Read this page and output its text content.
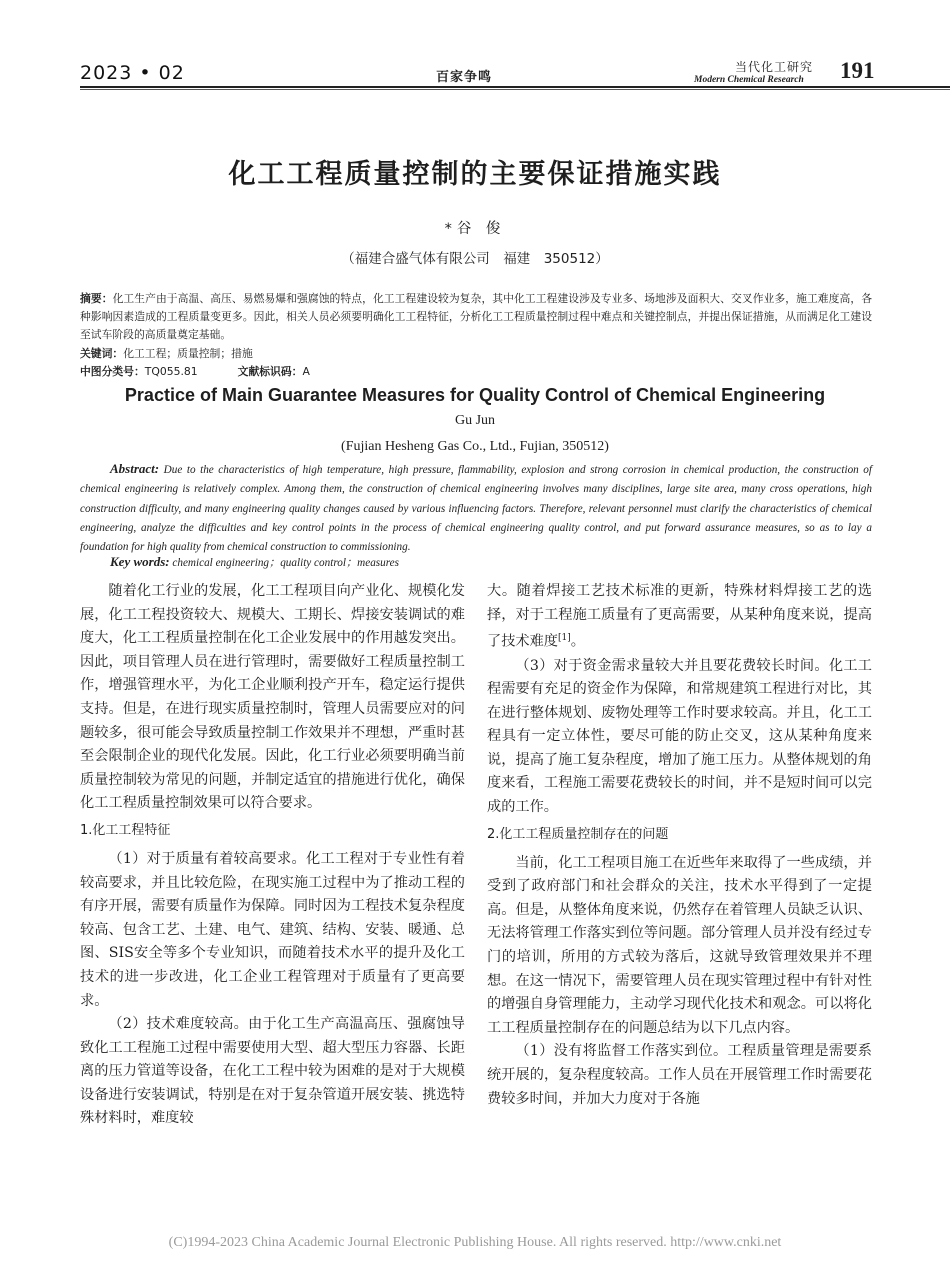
2023 • 02	百家争鸣
当代化工研究
Modern Chemical Research 191
化工工程质量控制的主要保证措施实践
*谷 俊
（福建合盛气体有限公司　福建　350512）
摘要：化工生产由于高温、高压、易燃易爆和强腐蚀的特点，化工工程建设较为复杂，其中化工工程建设涉及专业多、场地涉及面积大、交叉作业多，施工难度高，各种影响因素造成的工程质量变更多。因此，相关人员必须要明确化工工程特征，分析化工工程质量控制过程中难点和关键控制点，并提出保证措施，从而满足化工建设至试车阶段的高质量奠定基础。
关键词：化工工程；质量控制；措施
中图分类号：TQ055.81	文献标识码：A
Practice of Main Guarantee Measures for Quality Control of Chemical Engineering
Gu Jun
(Fujian Hesheng Gas Co., Ltd., Fujian, 350512)
Abstract: Due to the characteristics of high temperature, high pressure, flammability, explosion and strong corrosion in chemical production, the construction of chemical engineering is relatively complex. Among them, the construction of chemical engineering involves many disciplines, large site area, many cross operations, high construction difficulty, and many engineering quality changes caused by various influencing factors. Therefore, relevant personnel must clarify the characteristics of chemical engineering, analyze the difficulties and key control points in the process of chemical engineering quality control, and put forward assurance measures, so as to lay a foundation for high quality from chemical construction to commissioning.
Key words: chemical engineering；quality control；measures

随着化工行业的发展，化工工程项目向产业化、规模化发展，化工工程投资较大、规模大、工期长、焊接安装调试的难度大，化工工程质量控制在化工企业发展中的作用越发突出。因此，项目管理人员在进行管理时，需要做好工程质量控制工作，增强管理水平，为化工企业顺利投产开车，稳定运行提供支持。但是，在进行现实质量控制时，管理人员需要应对的问题较多，很可能会导致质量控制工作效果并不理想，严重时甚至会限制企业的现代化发展。因此，化工行业必须要明确当前质量控制较为常见的问题，并制定适宜的措施进行优化，确保化工工程质量控制效果可以符合要求。

1.化工工程特征

（1）对于质量有着较高要求。化工工程对于专业性有着较高要求，并且比较危险，在现实施工过程中为了推动工程的有序开展，需要有质量作为保障。同时因为工程技术复杂程度较高、包含工艺、土建、电气、建筑、结构、安装、暖通、总图、SIS安全等多个专业知识，而随着技术水平的提升及化工技术的进一步改进，化工企业工程管理对于质量有了更高要求。

（2）技术难度较高。由于化工生产高温高压、强腐蚀导致化工工程施工过程中需要使用大型、超大型压力容器、长距离的压力管道等设备，在化工工程中较为困难的是对于大规模设备进行安装调试，特别是在对于复杂管道开展安装、挑选特殊材料时，难度较

大。随着焊接工艺技术标准的更新，特殊材料焊接工艺的选择，对于工程施工质量有了更高需要，从某种角度来说，提高了技术难度[1]。

（3）对于资金需求量较大并且要花费较长时间。化工工程需要有充足的资金作为保障，和常规建筑工程进行对比，其在进行整体规划、废物处理等工作时要求较高。并且，化工工程具有一定立体性，要尽可能的防止交叉，这从某种角度来说，提高了施工复杂程度，增加了施工压力。从整体规划的角度来看，工程施工需要花费较长的时间，并不是短时间可以完成的工作。

2.化工工程质量控制存在的问题

当前，化工工程项目施工在近些年来取得了一些成绩，并受到了政府部门和社会群众的关注，技术水平得到了一定提高。但是，从整体角度来说，仍然存在着管理人员缺乏认识、无法将管理工作落实到位等问题。部分管理人员并没有经过专门的培训，所用的方式较为落后，这就导致管理效果并不理想。在这一情况下，需要管理人员在现实管理过程中有针对性的增强自身管理能力，主动学习现代化技术和观念。可以将化工工程质量控制存在的问题总结为以下几点内容。

（1）没有将监督工作落实到位。工程质量管理是需要系统开展的，复杂程度较高。工作人员在开展管理工作时需要花费较多时间，并加大力度对于各施

(C)1994-2023 China Academic Journal Electronic Publishing House. All rights reserved. http://www.cnki.net
